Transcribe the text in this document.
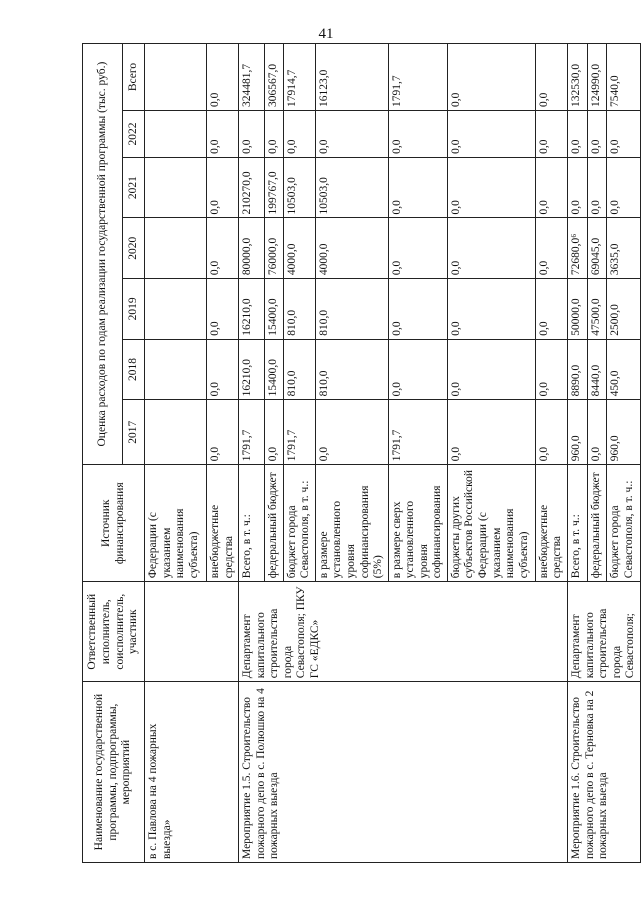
41
Наименование государственной программы, подпрограммы, мероприятий	Ответственный исполнитель, соисполнитель, участник	Источник финансирования	Оценка расходов по годам реализации государственной программы (тыс. руб.)						
			2017	2018	2019	2020	2021	2022	Всего
в с. Павлова на 4 пожарных выезда»		Федерации (с указанием наименования субъекта)							
		внебюджетные средства	0,0	0,0	0,0	0,0	0,0	0,0	0,0
Мероприятие 1.5. Строительство пожарного депо в с. Полюшко на 4 пожарных выезда	Департамент капитального строительства города Севастополя; ПКУ ГС «ЕДКС»	Всего, в т. ч.:	1791,7	16210,0	16210,0	80000,0	210270,0	0,0	324481,7
		федеральный бюджет	0,0	15400,0	15400,0	76000,0	199767,0	0,0	306567,0
		бюджет города Севастополя, в т. ч.:	1791,7	810,0	810,0	4000,0	10503,0	0,0	17914,7
		в размере установленного уровня софинансирования (5%)	0,0	810,0	810,0	4000,0	10503,0	0,0	16123,0
		в размере сверх установленного уровня софинансирования	1791,7	0,0	0,0	0,0	0,0	0,0	1791,7
		бюджеты других субъектов Российской Федерации (с указанием наименования субъекта)	0,0	0,0	0,0	0,0	0,0	0,0	0,0
		внебюджетные средства	0,0	0,0	0,0	0,0	0,0	0,0	0,0
Мероприятие 1.6. Строительство пожарного депо в с. Терновка на 2 пожарных выезда	Департамент капитального строительства города Севастополя;	Всего, в т. ч.:	960,0	8890,0	50000,0	72680,0⁶	0,0	0,0	132530,0
		федеральный бюджет	0,0	8440,0	47500,0	69045,0	0,0	0,0	124990,0
		бюджет города Севастополя, в т. ч.:	960,0	450,0	2500,0	3635,0	0,0	0,0	7540,0
